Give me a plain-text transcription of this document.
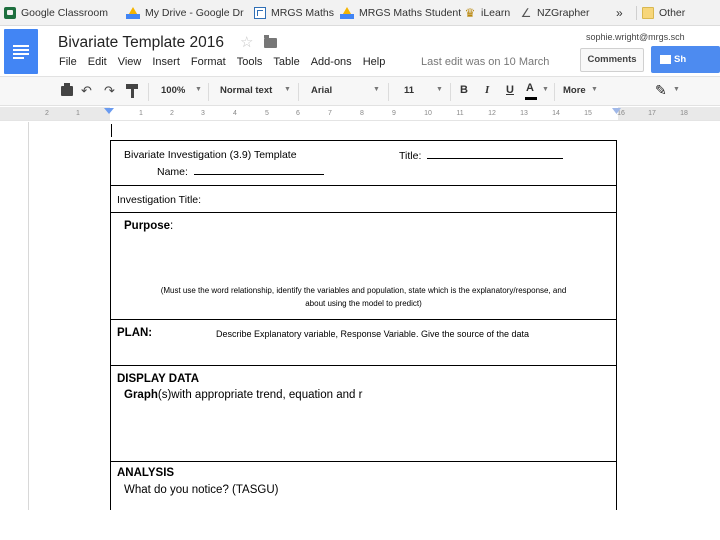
Google Classroom	My Drive - Google Dr	MRGS Maths MRGS Maths Student ♛ iLearn ∠ NZGrapher »	Other
Bivariate Template 2016 ☆
File Edit View Insert Format Tools Table Add-ons Help	Last edit was on 10 March
sophie.wright@mrgs.sch
Comments	Sh
↶ ↷	100% ▼ Normal text ▼ Arial	▼	11	▼ B I U A ▼ More ▼	✎ ▼
2	1	1	2	3	4	5	6	7	8	9	10	11	12	13	14	15	16	17	18
Bivariate Investigation (3.9) Template	Title:
Name:
Investigation Title:
Purpose:
(Must use the word relationship, identify the variables and population, state which is the explanatory/response, and
about using the model to predict)
PLAN:	Describe Explanatory variable, Response Variable. Give the source of the data
DISPLAY DATA
Graph(s)with appropriate trend, equation and r
ANALYSIS
What do you notice? (TASGU)
